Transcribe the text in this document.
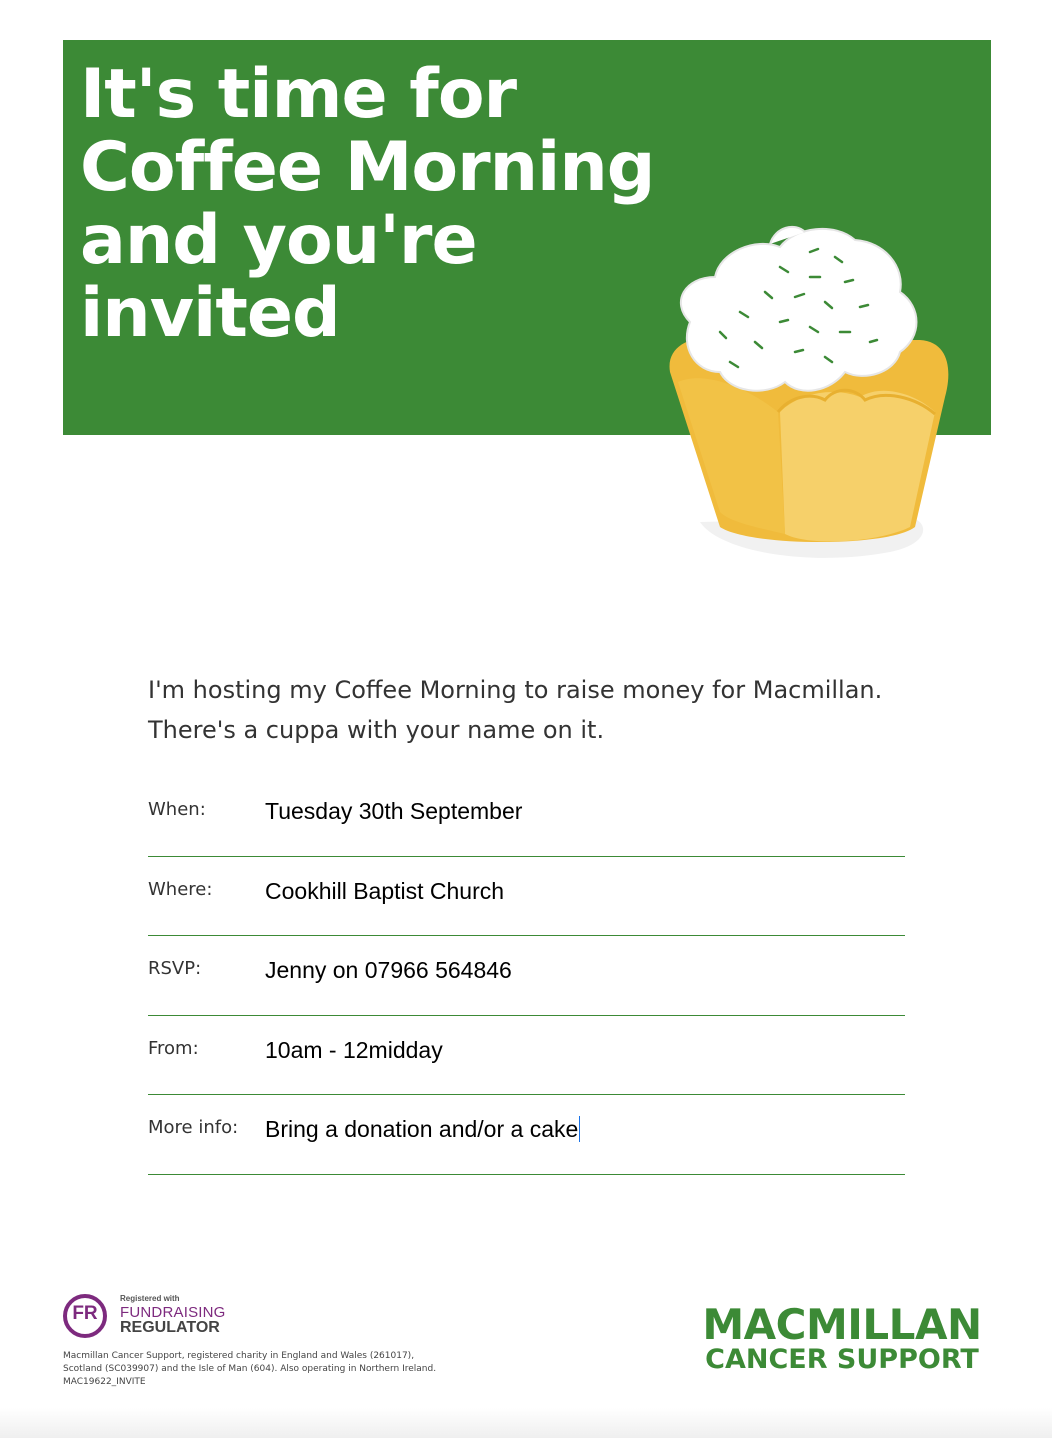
It's time for
Coffee Morning
and you're
invited

I'm hosting my Coffee Morning to raise money for Macmillan.
There's a cuppa with your name on it.

When:	Tuesday 30th September
Where: Cookhill Baptist Church
RSVP:	Jenny on 07966 564846
From:	10am - 12midday
More info: Bring a donation and/or a cake
FR
Registered with
FUNDRAISING
REGULATOR
Macmillan Cancer Support, registered charity in England and Wales (261017),
Scotland (SC039907) and the Isle of Man (604). Also operating in Northern Ireland.
MAC19622_INVITE
MACMILLAN
CANCER SUPPORT
